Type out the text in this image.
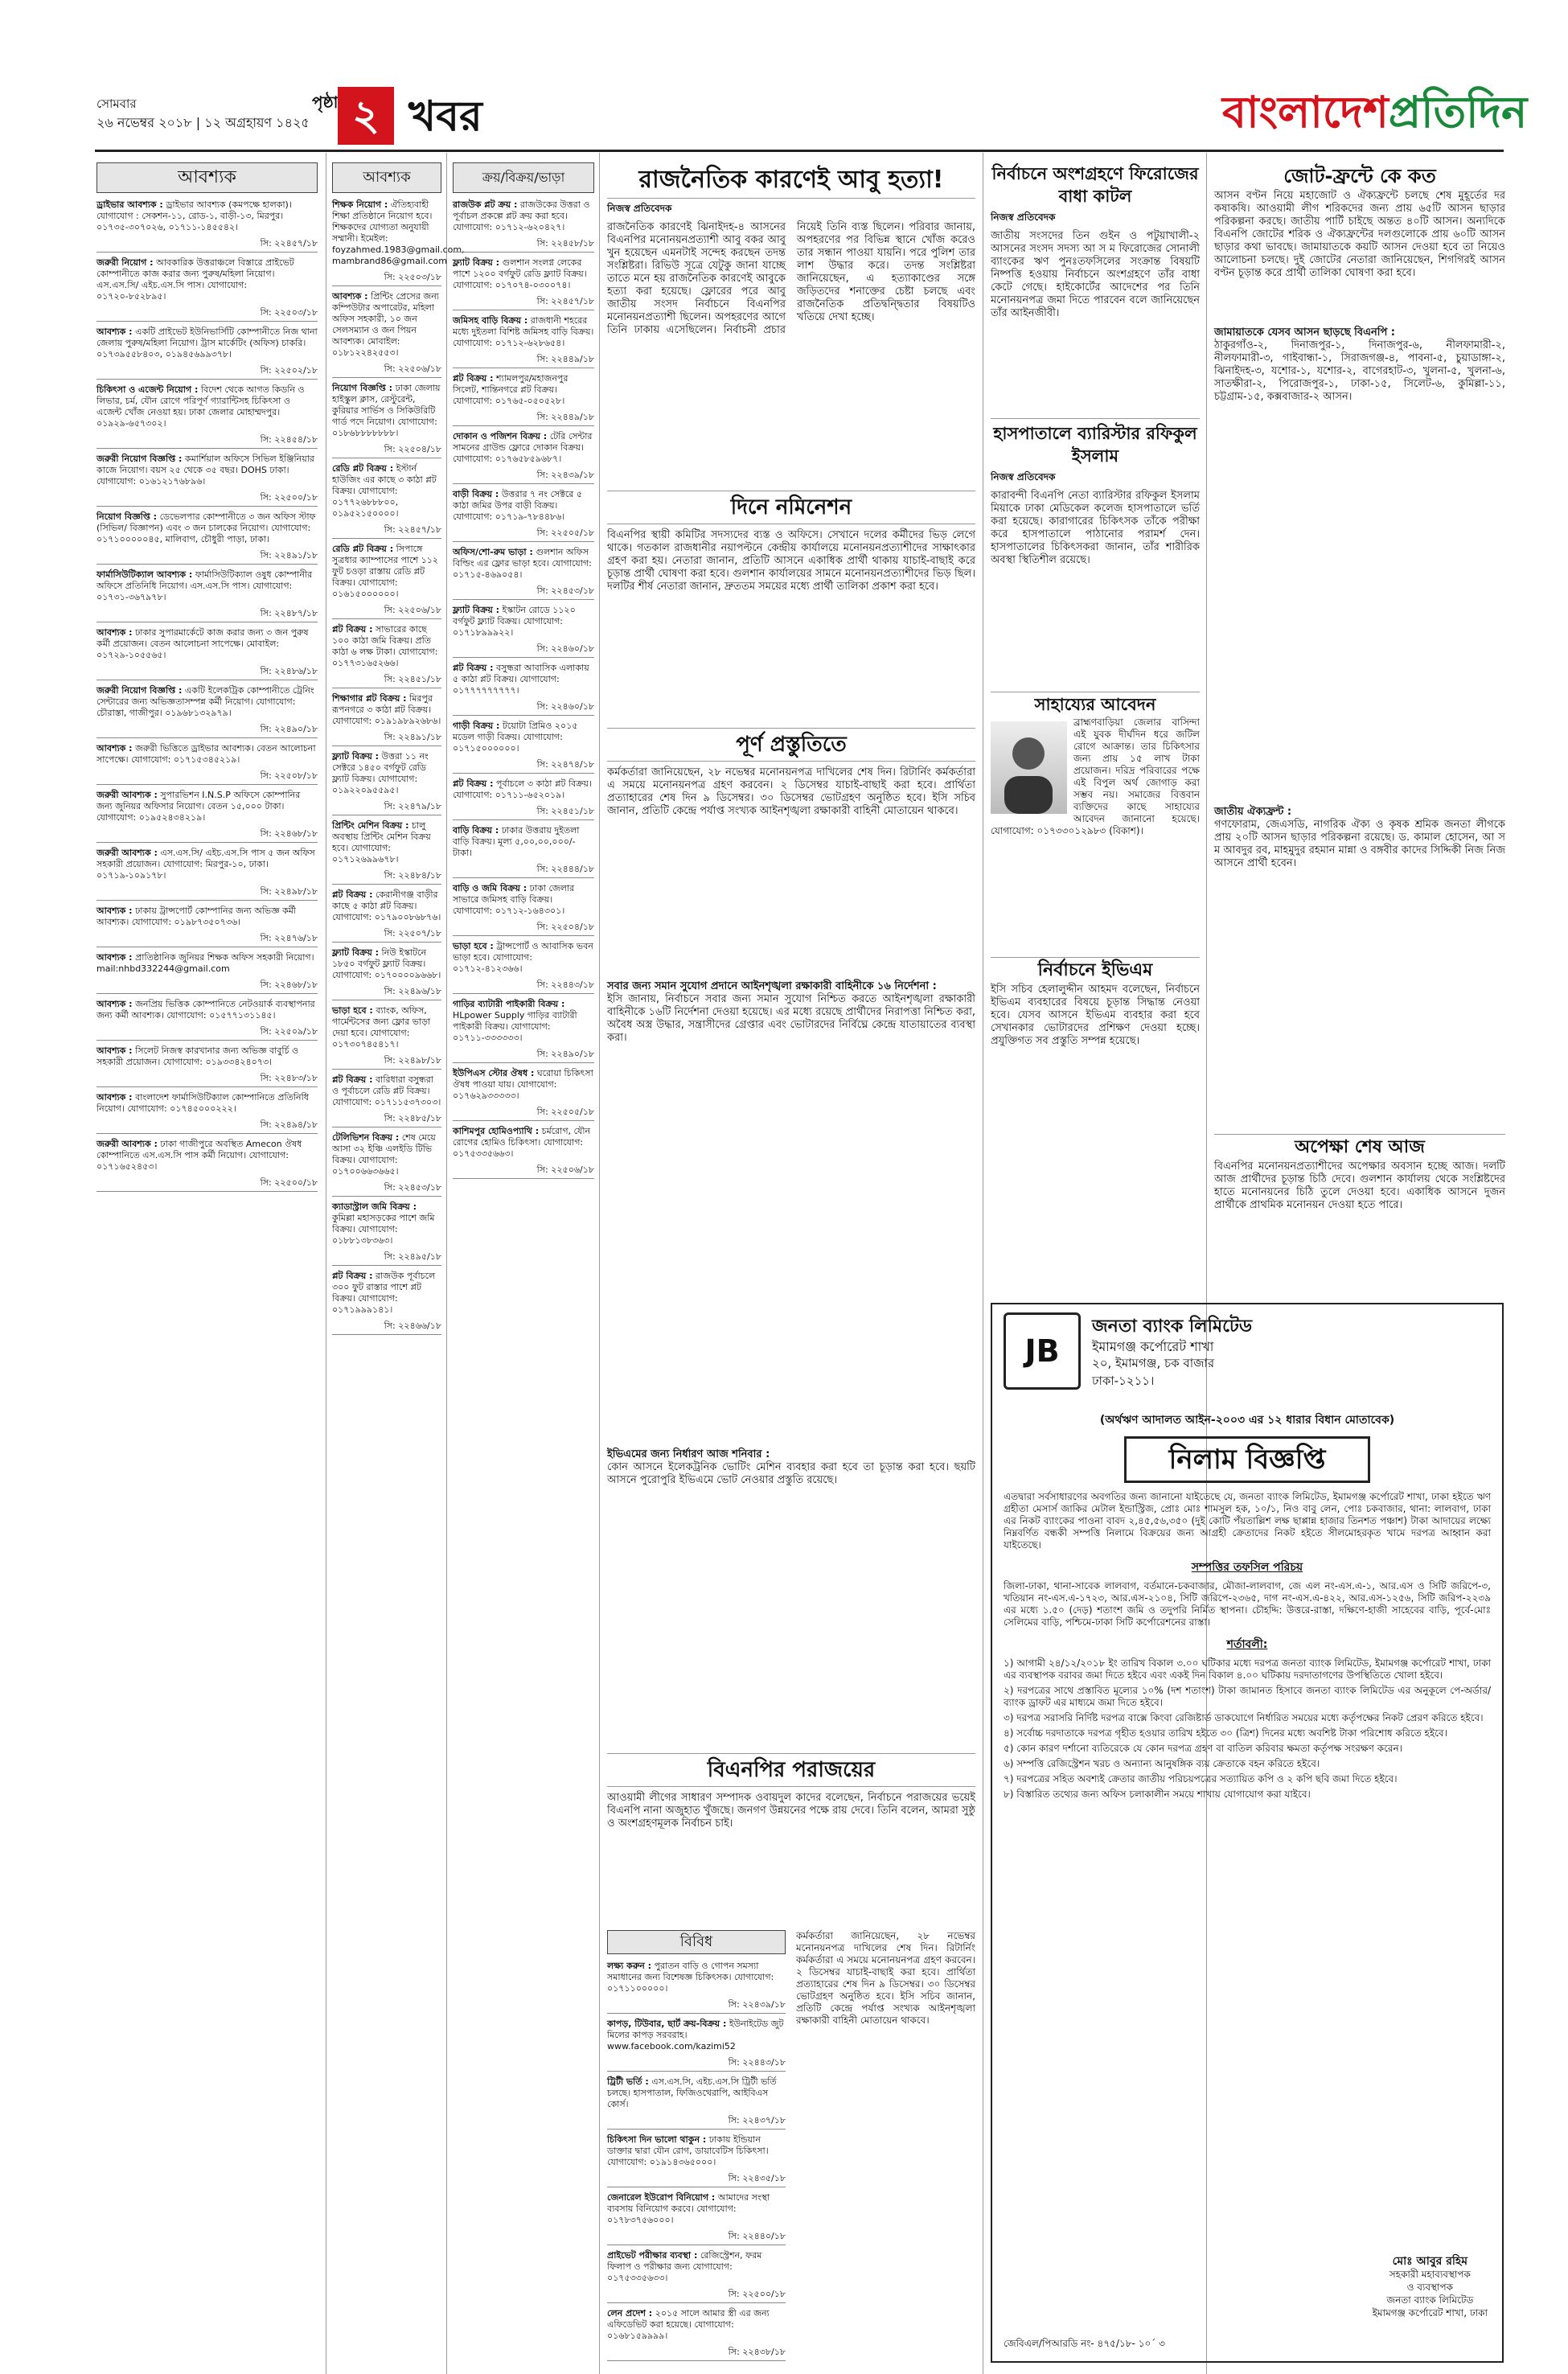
সোমবার
২৬ নভেম্বর ২০১৮ | ১২ অগ্রহায়ণ ১৪২৫
পৃষ্ঠা ২ খবর	বাংলাদেশপ্রতিদিন
আবশ্যক

ড্রাইভার আবশ্যক : ড্রাইভার আবশ্যক (কমপক্ষে হালকা)। যোগাযোগ : সেকশন-১১, রোড-১, বাড়ী-১৩, মিরপুর। ০১৭৩৫-৩০৭০২৬, ০১৭১১-১৪৫৫৪২।

সি: ২২৪৫৭/১৮

জরুরী নিয়োগ : আবকারিক উত্তরাঞ্চলে বিস্তারে প্রাইভেট কোম্পানীতে কাজ করার জন্য পুরুষ/মহিলা নিয়োগ। এস.এস.সি/ এইচ.এস.সি পাস। যোগাযোগ: ০১৭২০-৮৫২৮৯৫।

সি: ২২৫০৩/১৮

আবশ্যক : একটি প্রাইভেট ইউনিভার্সিটি কোম্পানীতে নিজ থানা জেলায় পুরুষ/মহিলা নিয়োগ। ট্রাস মার্কেটিং (অফিস) চাকরি। ০১৭৩৯৫৫৮৪০৩, ০১৯৪৫৬৯৯৩৭৮।

সি: ২২৫০২/১৮

চিকিৎসা ও এজেন্ট নিয়োগ : বিদেশ থেকে আগত কিডনি ও লিভার, চর্ম, যৌন রোগে পরিপূর্ণ গ্যারান্টিসহ চিকিৎসা ও এজেন্ট খোঁজ নেওয়া হয়। ঢাকা জেলার মোহাম্মদপুর। ০১৯২৯-৬৫৭৩০২।

সি: ২২৪৫৪/১৮

জরুরী নিয়োগ বিজ্ঞপ্তি : কমার্শিয়াল অফিসে সিভিল ইঞ্জিনিয়ার কাজে নিয়োগ। বয়স ২৫ থেকে ৩৫ বছর। DOHS ঢাকা। যোগাযোগ: ০১৬১২১৭৬৮৯৬।

সি: ২২৫০০/১৮

নিয়োগ বিজ্ঞপ্তি : ডেভেলপার কোম্পানীতে ৩ জন অফিস স্টাফ (সিভিল/ বিজ্ঞাপন) এবং ৩ জন চালকের নিয়োগ। যোগাযোগ: ০১৭১০০০০০৪৫, মালিবাগ, চৌধুরী পাড়া, ঢাকা।

সি: ২২৪৯১/১৮

ফার্মাসিউটিক্যাল আবশ্যক : ফার্মাসিউটিক্যাল ওষুধ কোম্পানীর অফিসে প্রতিনিধি নিয়োগ। এস.এস.সি পাস। যোগাযোগ: ০১৭৩১-৩৬৭৯৭৮।

সি: ২২৪৮৭/১৮

আবশ্যক : ঢাকার সুপারমার্কেটে কাজ করার জন্য ৩ জন পুরুষ কর্মী প্রয়োজন। বেতন আলোচনা সাপেক্ষে। মোবাইল: ০১৭২৯-১০৫৫৬৫।

সি: ২২৪৮৬/১৮

জরুরী নিয়োগ বিজ্ঞপ্তি : একটি ইলেকট্রিক কোম্পানীতে ট্রেনিং সেন্টারের জন্য অভিজ্ঞতাসম্পন্ন কর্মী নিয়োগ। যোগাযোগ: চৌরাস্তা, গাজীপুর। ০১৯৬৮১৩২৯৭৯।

সি: ২২৪৯০/১৮

আবশ্যক : জরুরী ভিত্তিতে ড্রাইভার আবশ্যক। বেতন আলোচনা সাপেক্ষে। যোগাযোগ: ০১৭১৫৩৪৫২১৯।

সি: ২২৫০৮/১৮

জরুরী আবশ্যক : সুপারভিশন I.N.S.P অফিসে কোম্পানির জন্য জুনিয়র অফিসার নিয়োগ। বেতন ১৫,০০০ টাকা। যোগাযোগ: ০১৯৫২৪৩৪২১৯।

সি: ২২৪৬৮/১৮

জরুরী আবশ্যক : এস.এস.সি/ এইচ.এস.সি পাস ৫ জন অফিস সহকারী প্রয়োজন। যোগাযোগ: মিরপুর-১০, ঢাকা। ০১৭১৯-১০৯১৭৮।

সি: ২২৪৯৮/১৮

আবশ্যক : ঢাকায় ট্রান্সপোর্ট কোম্পানির জন্য অভিজ্ঞ কর্মী আবশ্যক। যোগাযোগ: ০১৯৮৭৩৫০৭৩৬।

সি: ২২৪৭৬/১৮

আবশ্যক : প্রাতিষ্ঠানিক জুনিয়র শিক্ষক অফিস সহকারী নিয়োগ। mail:nhbd332244@gmail.com

সি: ২২৪৬৮/১৮

আবশ্যক : জনপ্রিয় ভিত্তিক কোম্পানিতে নেটওয়ার্ক ব্যবস্থাপনার জন্য কর্মী আবশ্যক। যোগাযোগ: ০১৫৭৭১৩১১৪৫।

সি: ২২৫০৯/১৮

আবশ্যক : সিলেট নিজস্ব কারখানার জন্য অভিজ্ঞ বাবুর্চি ও সহকারী প্রয়োজন। যোগাযোগ: ০১৯৩৩৪২৪০৭৩।

সি: ২২৪৮৩/১৮

আবশ্যক : বাংলাদেশ ফার্মাসিউটিক্যাল কোম্পানিতে প্রতিনিধি নিয়োগ। যোগাযোগ: ০১৭৪৫০০০২২২।

সি: ২২৪৯৪/১৮

জরুরী আবশ্যক : ঢাকা গাজীপুরে অবস্থিত Amecon ঔষধ কোম্পানিতে এস.এস.সি পাস কর্মী নিয়োগ। যোগাযোগ: ০১৭১৬৫২৪৫৩।

সি: ২২৫০০/১৮
আবশ্যক

শিক্ষক নিয়োগ : ঐতিহ্যবাহী শিক্ষা প্রতিষ্ঠানে নিয়োগ হবে। শিক্ষকদের যোগ্যতা অনুযায়ী সম্মানী। ইমেইল: foyzahmed.1983@gmail.com, mambrand86@gmail.com

সি: ২২৫০৩/১৮

আবশ্যক : প্রিন্টিং প্রেসের জন্য কম্পিউটার অপারেটর, মহিলা অফিস সহকারী, ১০ জন সেলসম্যান ও জন পিয়ন আবশ্যক। মোবাইল: ০১৮১২২৪২৫৫৩।

সি: ২২৫০৬/১৮

নিয়োগ বিজ্ঞপ্তি : ঢাকা জেলায় হাইস্কুল ক্লাস, রেস্টুরেন্ট, কুরিয়ার সার্ভিস ও সিকিউরিটি গার্ড পদে নিয়োগ। যোগাযোগ: ০১৮৬৮৮৮৮৮৮৮।

সি: ২২৫০৪/১৮

রেডি প্লট বিক্রয় : ইস্টার্ন হাউজিং এর কাছে ৩ কাঠা প্লট বিক্রয়। যোগাযোগ: ০১৭৭২৬৮৮৮০০, ০১৯৫২১৫০০০০।

সি: ২২৪৫৭/১৮

রেডি প্লট বিক্রয় : সিপাঙ্গে সুত্রধার ক্যাম্পাসের পাশে ১১২ ফুট চওড়া রাস্তায় রেডি প্লট বিক্রয়। যোগাযোগ: ০১৬১৫০০০০০০।

সি: ২২৫০৬/১৮

প্লট বিক্রয় : সাভারের কাছে ১০০ কাঠা জমি বিক্রয়। প্রতি কাঠা ৬ লক্ষ টাকা। যোগাযোগ: ০১৭৭৩১৬৫২৬৬।

সি: ২২৪৫১/১৮

শিক্ষাগার প্লট বিক্রয় : মিরপুর রূপনগরে ৩ কাঠা প্লট বিক্রয়। যোগাযোগ: ০১৯১৯৮৯২৬৮৬।

সি: ২২৪৯১/১৮

ফ্ল্যাট বিক্রয় : উত্তরা ১১ নং সেক্টরে ১৪৫০ বর্গফুট রেডি ফ্ল্যাট বিক্রয়। যোগাযোগ: ০১৯২২০৯৫৫৯৫।

সি: ২২৪৭৯/১৮

প্রিন্টিং মেশিন বিক্রয় : চালু অবস্থায় প্রিন্টিং মেশিন বিক্রয় হবে। যোগাযোগ: ০১৭১২৬৯৯৬৭৮।

সি: ২২৪৮৪/১৮

প্লট বিক্রয় : কেরানীগঞ্জ বাড়ীর কাছে ৫ কাঠা প্লট বিক্রয়। যোগাযোগ: ০১৭৯০০৮৬৮৭৬।

সি: ২২৫০৭/১৮

ফ্ল্যাট বিক্রয় : নিউ ইস্কাটনে ১৮৫০ বর্গফুট ফ্ল্যাট বিক্রয়। যোগাযোগ: ০১৭০০০০৯৬৬৮।

সি: ২২৪৯৬/১৮

ভাড়া হবে : ব্যাংক, অফিস, গার্মেন্টসের জন্য ফ্লোর ভাড়া দেয়া হবে। যোগাযোগ: ০১৭৩০৭৪৫৪১৭।

সি: ২২৪৯৮/১৮

প্লট বিক্রয় : বারিধারা বসুন্ধরা ও পূর্বাচলে রেডি প্লট বিক্রয়। যোগাযোগ: ০১৭১১৫৩৭৩০৩।

সি: ২২৪৮৫/১৮

টেলিভিশন বিক্রয় : শেষ মেয়ে আসা ৩২ ইঞ্চি এলইডি টিভি বিক্রয়। যোগাযোগ: ০১৭০০৬৬৩৬৬৫।

সি: ২২৪৫৩/১৮

ক্যাডাস্ট্রাল জমি বিক্রয় : কুমিল্লা মহাসড়কের পাশে জমি বিক্রয়। যোগাযোগ: ০১৮৮১৩৮৩৬৩।

সি: ২২৪৯৫/১৮

প্লট বিক্রয় : রাজউক পূর্বাচলে ৩০০ ফুট রাস্তার পাশে প্লট বিক্রয়। যোগাযোগ: ০১৭১৯৯৯১৪১।

সি: ২২৪৬৬/১৮
ক্রয়/বিক্রয়/ভাড়া

রাজউক প্লট ক্রয় : রাজউকের উত্তরা ও পূর্বাচল প্রকল্পে প্লট ক্রয় করা হবে। যোগাযোগ: ০১৭১২-৬২০৪২৭।

সি: ২২৪৫৮/১৮

ফ্ল্যাট বিক্রয় : গুলশান সংলগ্ন লেকের পাশে ১২০০ বর্গফুট রেডি ফ্ল্যাট বিক্রয়। যোগাযোগ: ০১৭০৭৪-০৩০০৭৪।

সি: ২২৪৫৭/১৮

জমিসহ বাড়ি বিক্রয় : রাজধানী শহরের মধ্যে দুইতলা বিশিষ্ট জমিসহ বাড়ি বিক্রয়। যোগাযোগ: ০১৭১২-৬২৮৬৫৪।

সি: ২২৪৪৯/১৮

প্লট বিক্রয় : শ্যামলপুর/মহাজনপুর সিলেট, শান্তিনগরে প্লট বিক্রয়। যোগাযোগ: ০১৭৬৫-০৫০৫২৮।

সি: ২২৪৪৯/১৮

দোকান ও পজিশন বিক্রয় : টেরি সেন্টার সামনের গ্রাউন্ড ফ্লোরে দোকান বিক্রয়। যোগাযোগ: ০১৭৬৫৮৫৯৬৮৭।

সি: ২২৪৩৯/১৮

বাড়ী বিক্রয় : উত্তরার ৭ নং সেক্টরে ৫ কাঠা জমির উপর বাড়ী বিক্রয়। যোগাযোগ: ০১৭১৯-৭৮৪৪৮৬।

সি: ২২৫০৫/১৮

অফিস/শো-রুম ভাড়া : গুলশান অফিস বিল্ডিং এর ফ্লোর ভাড়া হবে। যোগাযোগ: ০১৭১৫-৪৬৯০৫৪।

সি: ২২৪৫৩/১৮

ফ্ল্যাট বিক্রয় : ইস্কাটন রোডে ১১২০ বর্গফুট ফ্ল্যাট বিক্রয়। যোগাযোগ: ০১৭১৮৯৯৯২২।

সি: ২২৪৬০/১৮

প্লট বিক্রয় : বসুন্ধরা আবাসিক এলাকায় ৫ কাঠা প্লট বিক্রয়। যোগাযোগ: ০১৭৭৭৭৭৭৭৭৭।

সি: ২২৪৬০/১৮

গাড়ী বিক্রয় : টয়োটা প্রিমিও ২০১৫ মডেল গাড়ী বিক্রয়। যোগাযোগ: ০১৭১৫০০০০০০।

সি: ২২৪৭৪/১৮

প্লট বিক্রয় : পূর্বাচলে ৩ কাঠা প্লট বিক্রয়। যোগাযোগ: ০১৭১১-৬৫২০১৯।

সি: ২২৪৫১/১৮

বাড়ি বিক্রয় : ঢাকার উত্তরায় দুইতলা বাড়ি বিক্রয়। মূল্য ৫,০০,০০,০০০/- টাকা।

সি: ২২৪৪৪/১৮

বাড়ি ও জমি বিক্রয় : ঢাকা জেলার সাভারে জমিসহ বাড়ি বিক্রয়। যোগাযোগ: ০১৭১২-১৬৪৩০১।

সি: ২২৫০৪/১৮

ভাড়া হবে : ট্রান্সপোর্ট ও আবাসিক ভবন ভাড়া হবে। যোগাযোগ: ০১৭১২-৪১২৩৬৬।

সি: ২২৪৪৩/১৮

গাড়ির ব্যাটারী পাইকারী বিক্রয় : HLpower Supply গাড়ির ব্যাটারী পাইকারী বিক্রয়। যোগাযোগ: ০১৭১১-৩৩৩৩৩৩।

সি: ২২৪৯০/১৮

ইউপিএস স্টোর ঔষধ : ঘরোয়া চিকিৎসা ঔষধ পাওয়া যায়। যোগাযোগ: ০১৭৬২৯৩৩৩৩৩।

সি: ২২৫০৫/১৮

কাশিমপুর হোমিওপ্যাথি : চর্মরোগ, যৌন রোগের হোমিও চিকিৎসা। যোগাযোগ: ০১৭৫৩৩৫৬৬৩।

সি: ২২৫০৬/১৮
রাজনৈতিক কারণেই আবু হত্যা!
নিজস্ব প্রতিবেদক
রাজনৈতিক কারণেই ঝিনাইদহ-৪ আসনের বিএনপির মনোনয়নপ্রত্যাশী আবু বকর আবু খুন হয়েছেন এমনটাই সন্দেহ করছেন তদন্ত সংশ্লিষ্টরা। রিভিউ সূত্রে যেটুকু জানা যাচ্ছে তাতে মনে হয় রাজনৈতিক কারণেই আবুকে হত্যা করা হয়েছে। ফ্লোরের পরে আবু জাতীয় সংসদ নির্বাচনে বিএনপির মনোনয়নপ্রত্যাশী ছিলেন। অপহরণের আগে তিনি ঢাকায় এসেছিলেন। নির্বাচনী প্রচার নিয়েই তিনি ব্যস্ত ছিলেন। পরিবার জানায়, অপহরণের পর বিভিন্ন স্থানে খোঁজ করেও তার সন্ধান পাওয়া যায়নি। পরে পুলিশ তার লাশ উদ্ধার করে। তদন্ত সংশ্লিষ্টরা জানিয়েছেন, এ হত্যাকাণ্ডের সঙ্গে জড়িতদের শনাক্তের চেষ্টা চলছে এবং রাজনৈতিক প্রতিদ্বন্দ্বিতার বিষয়টিও খতিয়ে দেখা হচ্ছে।
দিনে নমিনেশন
বিএনপির স্থায়ী কমিটির সদস্যদের ব্যস্ত ও অফিসে। সেখানে দলের কর্মীদের ভিড় লেগে থাকে। গতকাল রাজধানীর নয়াপল্টনে কেন্দ্রীয় কার্যালয়ে মনোনয়নপ্রত্যাশীদের সাক্ষাৎকার গ্রহণ করা হয়। নেতারা জানান, প্রতিটি আসনে একাধিক প্রার্থী থাকায় যাচাই-বাছাই করে চূড়ান্ত প্রার্থী ঘোষণা করা হবে। গুলশান কার্যালয়ের সামনে মনোনয়নপ্রত্যাশীদের ভিড় ছিল। দলটির শীর্ষ নেতারা জানান, দ্রুততম সময়ের মধ্যে প্রার্থী তালিকা প্রকাশ করা হবে।
পূর্ণ প্রস্তুতিতে
কর্মকর্তারা জানিয়েছেন, ২৮ নভেম্বর মনোনয়নপত্র দাখিলের শেষ দিন। রিটার্নিং কর্মকর্তারা এ সময়ে মনোনয়নপত্র গ্রহণ করবেন। ২ ডিসেম্বর যাচাই-বাছাই করা হবে। প্রার্থিতা প্রত্যাহারের শেষ দিন ৯ ডিসেম্বর। ৩০ ডিসেম্বর ভোটগ্রহণ অনুষ্ঠিত হবে। ইসি সচিব জানান, প্রতিটি কেন্দ্রে পর্যাপ্ত সংখ্যক আইনশৃঙ্খলা রক্ষাকারী বাহিনী মোতায়েন থাকবে।
সবার জন্য সমান সুযোগ প্রদানে আইনশৃঙ্খলা রক্ষাকারী বাহিনীকে ১৬ নির্দেশনা :
ইসি জানায়, নির্বাচনে সবার জন্য সমান সুযোগ নিশ্চিত করতে আইনশৃঙ্খলা রক্ষাকারী বাহিনীকে ১৬টি নির্দেশনা দেওয়া হয়েছে। এর মধ্যে রয়েছে প্রার্থীদের নিরাপত্তা নিশ্চিত করা, অবৈধ অস্ত্র উদ্ধার, সন্ত্রাসীদের গ্রেপ্তার এবং ভোটারদের নির্বিঘ্নে কেন্দ্রে যাতায়াতের ব্যবস্থা করা।
ইভিএমের জন্য নির্ধারণ আজ শনিবার :
কোন আসনে ইলেকট্রনিক ভোটিং মেশিন ব্যবহার করা হবে তা চূড়ান্ত করা হবে। ছয়টি আসনে পুরোপুরি ইভিএমে ভোট নেওয়ার প্রস্তুতি রয়েছে।
বিএনপির পরাজয়ের
আওয়ামী লীগের সাধারণ সম্পাদক ওবায়দুল কাদের বলেছেন, নির্বাচনে পরাজয়ের ভয়েই বিএনপি নানা অজুহাত খুঁজছে। জনগণ উন্নয়নের পক্ষে রায় দেবে। তিনি বলেন, আমরা সুষ্ঠু ও অংশগ্রহণমূলক নির্বাচন চাই।
বিবিধ

লক্ষ্য করুন : পুরাতন বাড়ি ও গোপন সমস্যা সমাধানের জন্য বিশেষজ্ঞ চিকিৎসক। যোগাযোগ: ০১৭১১০০০০০।

সি: ২২৪৩৯/১৮

কাপড়, টিউবার, ছার্ট ক্রয়-বিক্রয় : ইউনাইটেড জুট মিলের কাপড় সরবরাহ। www.facebook.com/kazimi52

সি: ২২৪৪৩/১৮

ট্রিটী ভর্তি : এস.এস.সি, এইচ.এস.সি ট্রিটী ভর্তি চলছে। হাসপাতাল, ফিজিওথেরাপি, আইবিএস কোর্স।

সি: ২২৪৩৭/১৮

চিকিৎসা দিন ভালো থাকুন : ঢাকায় ইন্ডিয়ান ডাক্তার দ্বারা যৌন রোগ, ডায়াবেটিস চিকিৎসা। যোগাযোগ: ০১৯১৪৩৬৫০০০।

সি: ২২৪৩৫/১৮

জেনারেল ইউরোপ বিনিয়োগ : আমাদের সংস্থা ব্যবসায় বিনিয়োগ করবে। যোগাযোগ: ০১৭৮৩৭৫৬০০০।

সি: ২২৪৪০/১৮

প্রাইভেট পরীক্ষার ব্যবস্থা : রেজিস্ট্রেশন, ফরম ফিলাপ ও পরীক্ষার জন্য যোগাযোগ: ০১৭৫৩৩৫৬৩৩।

সি: ২২৫০০/১৮

লেন প্রদেশ : ২০১৫ সালে আমার স্ত্রী এর জন্য এফিডেভিট করা হয়েছে। যোগাযোগ: ০১৬৮১৫৯৯৯৯।

সি: ২২৪৩৮/১৮
কর্মকর্তারা জানিয়েছেন, ২৮ নভেম্বর মনোনয়নপত্র দাখিলের শেষ দিন। রিটার্নিং কর্মকর্তারা এ সময়ে মনোনয়নপত্র গ্রহণ করবেন। ২ ডিসেম্বর যাচাই-বাছাই করা হবে। প্রার্থিতা প্রত্যাহারের শেষ দিন ৯ ডিসেম্বর। ৩০ ডিসেম্বর ভোটগ্রহণ অনুষ্ঠিত হবে। ইসি সচিব জানান, প্রতিটি কেন্দ্রে পর্যাপ্ত সংখ্যক আইনশৃঙ্খলা রক্ষাকারী বাহিনী মোতায়েন থাকবে।
নির্বাচনে অংশগ্রহণে ফিরোজের বাধা কাটল
নিজস্ব প্রতিবেদক
জাতীয় সংসদের তিন গুইন ও পটুয়াখালী-২ আসনের সংসদ সদস্য আ স ম ফিরোজের সোনালী ব্যাংকের ঋণ পুনঃতফসিলের সংক্রান্ত বিষয়টি নিষ্পত্তি হওয়ায় নির্বাচনে অংশগ্রহণে তাঁর বাধা কেটে গেছে। হাইকোর্টের আদেশের পর তিনি মনোনয়নপত্র জমা দিতে পারবেন বলে জানিয়েছেন তাঁর আইনজীবী।
হাসপাতালে ব্যারিস্টার রফিকুল ইসলাম
নিজস্ব প্রতিবেদক
কারাবন্দী বিএনপি নেতা ব্যারিস্টার রফিকুল ইসলাম মিয়াকে ঢাকা মেডিকেল কলেজ হাসপাতালে ভর্তি করা হয়েছে। কারাগারের চিকিৎসক তাঁকে পরীক্ষা করে হাসপাতালে পাঠানোর পরামর্শ দেন। হাসপাতালের চিকিৎসকরা জানান, তাঁর শারীরিক অবস্থা স্থিতিশীল রয়েছে।
সাহায্যের আবেদন
ব্রাহ্মণবাড়িয়া জেলার বাসিন্দা এই যুবক দীর্ঘদিন ধরে জটিল রোগে আক্রান্ত। তার চিকিৎসার জন্য প্রায় ১৫ লাখ টাকা প্রয়োজন। দরিদ্র পরিবারের পক্ষে এই বিপুল অর্থ জোগাড় করা সম্ভব নয়। সমাজের বিত্তবান ব্যক্তিদের কাছে সাহায্যের আবেদন জানানো হয়েছে। যোগাযোগ: ০১৭৩৩০১২৯৮৩ (বিকাশ)।
নির্বাচনে ইভিএম
ইসি সচিব হেলালুদ্দীন আহমদ বলেছেন, নির্বাচনে ইভিএম ব্যবহারের বিষয়ে চূড়ান্ত সিদ্ধান্ত নেওয়া হবে। যেসব আসনে ইভিএম ব্যবহার করা হবে সেখানকার ভোটারদের প্রশিক্ষণ দেওয়া হচ্ছে। প্রযুক্তিগত সব প্রস্তুতি সম্পন্ন হয়েছে।
জোট-ফ্রন্টে কে কত
আসন বণ্টন নিয়ে মহাজোট ও ঐক্যফ্রন্টে চলছে শেষ মুহূর্তের দর কষাকষি। আওয়ামী লীগ শরিকদের জন্য প্রায় ৬৫টি আসন ছাড়ার পরিকল্পনা করছে। জাতীয় পার্টি চাইছে অন্তত ৪০টি আসন। অন্যদিকে বিএনপি জোটের শরিক ও ঐক্যফ্রন্টের দলগুলোকে প্রায় ৬০টি আসন ছাড়ার কথা ভাবছে। জামায়াতকে কয়টি আসন দেওয়া হবে তা নিয়েও আলোচনা চলছে। দুই জোটের নেতারা জানিয়েছেন, শিগগিরই আসন বণ্টন চূড়ান্ত করে প্রার্থী তালিকা ঘোষণা করা হবে।
জামায়াতকে যেসব আসন ছাড়ছে বিএনপি :
ঠাকুরগাঁও-২, দিনাজপুর-১, দিনাজপুর-৬, নীলফামারী-২, নীলফামারী-৩, গাইবান্ধা-১, সিরাজগঞ্জ-৪, পাবনা-৫, চুয়াডাঙ্গা-২, ঝিনাইদহ-৩, যশোর-১, যশোর-২, বাগেরহাট-৩, খুলনা-৫, খুলনা-৬, সাতক্ষীরা-২, পিরোজপুর-১, ঢাকা-১৫, সিলেট-৬, কুমিল্লা-১১, চট্টগ্রাম-১৫, কক্সবাজার-২ আসন।
জাতীয় ঐক্যফ্রন্ট :
গণফোরাম, জেএসডি, নাগরিক ঐক্য ও কৃষক শ্রমিক জনতা লীগকে প্রায় ২০টি আসন ছাড়ার পরিকল্পনা রয়েছে। ড. কামাল হোসেন, আ স ম আবদুর রব, মাহমুদুর রহমান মান্না ও বঙ্গবীর কাদের সিদ্দিকী নিজ নিজ আসনে প্রার্থী হবেন।
অপেক্ষা শেষ আজ
বিএনপির মনোনয়নপ্রত্যাশীদের অপেক্ষার অবসান হচ্ছে আজ। দলটি আজ প্রার্থীদের চূড়ান্ত চিঠি দেবে। গুলশান কার্যালয় থেকে সংশ্লিষ্টদের হাতে মনোনয়নের চিঠি তুলে দেওয়া হবে। একাধিক আসনে দুজন প্রার্থীকে প্রাথমিক মনোনয়ন দেওয়া হতে পারে।
JB
জনতা ব্যাংক লিমিটেড
ইমামগঞ্জ কর্পোরেট শাখা
২০, ইমামগঞ্জ, চক বাজার
ঢাকা-১২১১।
(অর্থঋণ আদালত আইন-২০০৩ এর ১২ ধারার বিধান মোতাবেক)
নিলাম বিজ্ঞপ্তি
এতদ্বারা সর্বসাধারণের অবগতির জন্য জানানো যাইতেছে যে, জনতা ব্যাংক লিমিটেড, ইমামগঞ্জ কর্পোরেট শাখা, ঢাকা হইতে ঋণ গ্রহীতা মেসার্স জাকির মেটাল ইন্ডাস্ট্রিজ, প্রোঃ মোঃ শামসুল হক, ১০/১, নিও বাবু লেন, পোঃ চকবাজার, থানা: লালবাগ, ঢাকা এর নিকট ব্যাংকের পাওনা বাবদ ২,৪৫,৫৬,৩৫০ (দুই কোটি পঁয়তাল্লিশ লক্ষ ছাপ্পান্ন হাজার তিনশত পঞ্চাশ) টাকা আদায়ের লক্ষ্যে নিম্নবর্ণিত বন্ধকী সম্পত্তি নিলামে বিক্রয়ের জন্য আগ্রহী ক্রেতাদের নিকট হইতে সীলমোহরকৃত খামে দরপত্র আহ্বান করা যাইতেছে।
সম্পত্তির তফসিল পরিচয়
জিলা-ঢাকা, থানা-সাবেক লালবাগ, বর্তমানে-চকবাজার, মৌজা-লালবাগ, জে এল নং-এস.এ-১, আর.এস ও সিটি জরিপে-৩, খতিয়ান নং-এস.এ-১৭২৩, আর.এস-২১০৪, সিটি জরিপে-২৩৬৫, দাগ নং-এস.এ-৪২২, আর.এস-১২৫৬, সিটি জরিপ-২২৩৯ এর মধ্যে ১.৫০ (দেড়) শতাংশ জমি ও তদুপরি নির্মিত স্থাপনা। চৌহদ্দি: উত্তরে-রাস্তা, দক্ষিণে-হাজী সাহেবের বাড়ি, পূর্বে-মোঃ সেলিমের বাড়ি, পশ্চিমে-ঢাকা সিটি কর্পোরেশনের রাস্তা।
শর্তাবলী:
১) আগামী ২৪/১২/২০১৮ ইং তারিখ বিকাল ৩.০০ ঘটিকার মধ্যে দরপত্র জনতা ব্যাংক লিমিটেড, ইমামগঞ্জ কর্পোরেট শাখা, ঢাকা এর ব্যবস্থাপক বরাবর জমা দিতে হইবে এবং একই দিন বিকাল ৪.০০ ঘটিকায় দরদাতাগণের উপস্থিতিতে খোলা হইবে।
২) দরপত্রের সাথে প্রস্তাবিত মূল্যের ১০% (দশ শতাংশ) টাকা জামানত হিসাবে জনতা ব্যাংক লিমিটেড এর অনুকূলে পে-অর্ডার/ব্যাংক ড্রাফট এর মাধ্যমে জমা দিতে হইবে।
৩) দরপত্র সরাসরি নির্দিষ্ট দরপত্র বাক্সে কিংবা রেজিষ্টার্ড ডাকযোগে নির্ধারিত সময়ের মধ্যে কর্তৃপক্ষের নিকট প্রেরণ করিতে হইবে।
৪) সর্বোচ্চ দরদাতাকে দরপত্র গৃহীত হওয়ার তারিখ হইতে ৩০ (ত্রিশ) দিনের মধ্যে অবশিষ্ট টাকা পরিশোধ করিতে হইবে।
৫) কোন কারণ দর্শানো ব্যতিরেকে যে কোন দরপত্র গ্রহণ বা বাতিল করিবার ক্ষমতা কর্তৃপক্ষ সংরক্ষণ করেন।
৬) সম্পত্তি রেজিস্ট্রেশন খরচ ও অন্যান্য আনুষঙ্গিক ব্যয় ক্রেতাকে বহন করিতে হইবে।
৭) দরপত্রের সহিত অবশ্যই ক্রেতার জাতীয় পরিচয়পত্রের সত্যায়িত কপি ও ২ কপি ছবি জমা দিতে হইবে।
৮) বিস্তারিত তথ্যের জন্য অফিস চলাকালীন সময়ে শাখায় যোগাযোগ করা যাইবে।
মোঃ আবুর রহিম
সহকারী মহাব্যবস্থাপক
ও ব্যবস্থাপক
জনতা ব্যাংক লিমিটেড
ইমামগঞ্জ কর্পোরেট শাখা, ঢাকা
জেবিএল/পিআরডি নং- ৪৭৫/১৮- ১০´ ৩
